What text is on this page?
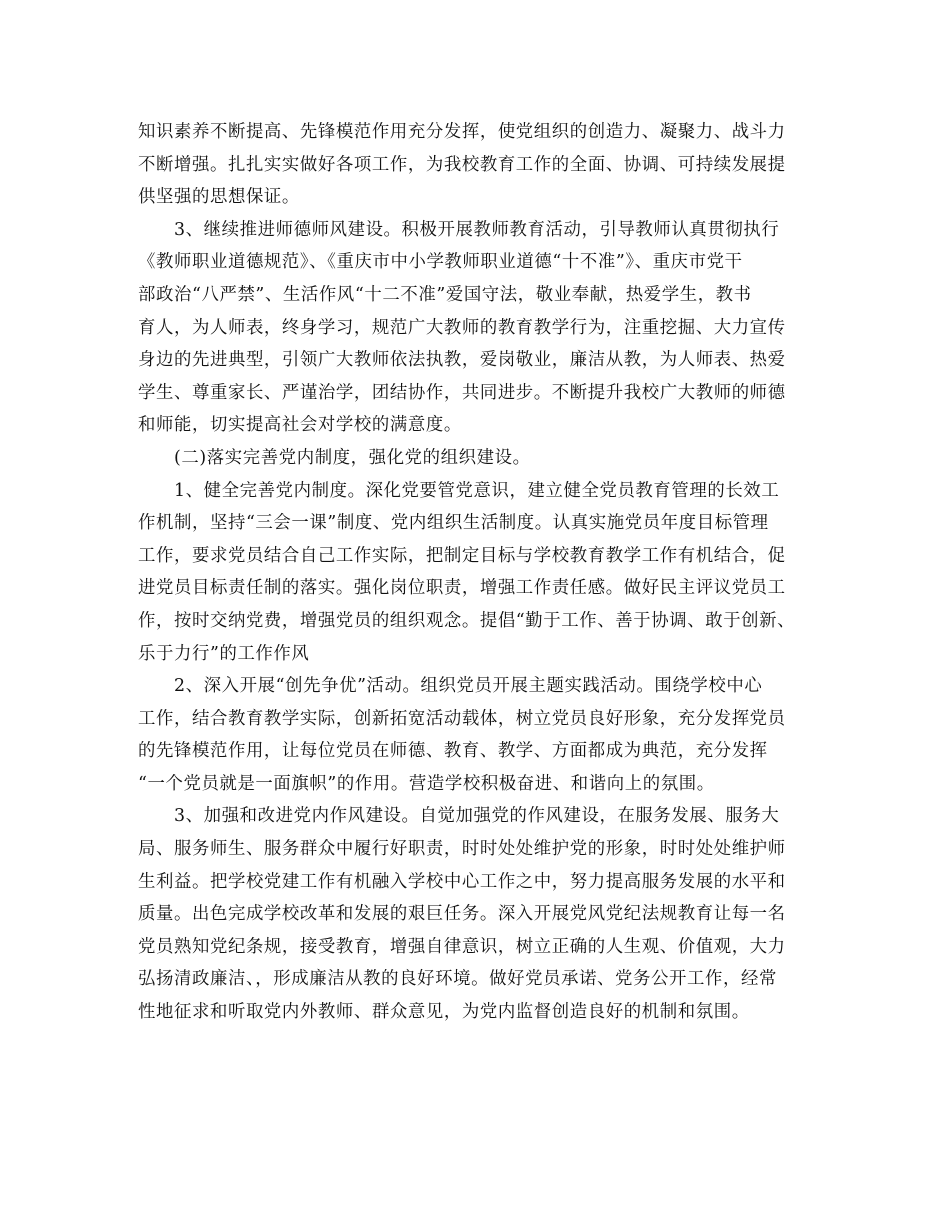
知识素养不断提高、先锋模范作用充分发挥，使党组织的创造力、凝聚力、战斗力
不断增强。扎扎实实做好各项工作，为我校教育工作的全面、协调、可持续发展提
供坚强的思想保证。
3、继续推进师德师风建设。积极开展教师教育活动，引导教师认真贯彻执行
《教师职业道德规范》、《重庆市中小学教师职业道德“十不准”》、重庆市党干
部政治“八严禁”、生活作风“十二不准”爱国守法，敬业奉献，热爱学生，教书
育人，为人师表，终身学习，规范广大教师的教育教学行为，注重挖掘、大力宣传
身边的先进典型，引领广大教师依法执教，爱岗敬业，廉洁从教，为人师表、热爱
学生、尊重家长、严谨治学，团结协作，共同进步。不断提升我校广大教师的师德
和师能，切实提高社会对学校的满意度。
(二)落实完善党内制度，强化党的组织建设。
1、健全完善党内制度。深化党要管党意识，建立健全党员教育管理的长效工
作机制，坚持“三会一课”制度、党内组织生活制度。认真实施党员年度目标管理
工作，要求党员结合自己工作实际，把制定目标与学校教育教学工作有机结合，促
进党员目标责任制的落实。强化岗位职责，增强工作责任感。做好民主评议党员工
作，按时交纳党费，增强党员的组织观念。提倡“勤于工作、善于协调、敢于创新、
乐于力行”的工作作风
2、深入开展“创先争优”活动。组织党员开展主题实践活动。围绕学校中心
工作，结合教育教学实际，创新拓宽活动载体，树立党员良好形象，充分发挥党员
的先锋模范作用，让每位党员在师德、教育、教学、方面都成为典范，充分发挥
“一个党员就是一面旗帜”的作用。营造学校积极奋进、和谐向上的氛围。
3、加强和改进党内作风建设。自觉加强党的作风建设，在服务发展、服务大
局、服务师生、服务群众中履行好职责，时时处处维护党的形象，时时处处维护师
生利益。把学校党建工作有机融入学校中心工作之中，努力提高服务发展的水平和
质量。出色完成学校改革和发展的艰巨任务。深入开展党风党纪法规教育让每一名
党员熟知党纪条规，接受教育，增强自律意识，树立正确的人生观、价值观，大力
弘扬清政廉洁、，形成廉洁从教的良好环境。做好党员承诺、党务公开工作，经常
性地征求和听取党内外教师、群众意见，为党内监督创造良好的机制和氛围。
